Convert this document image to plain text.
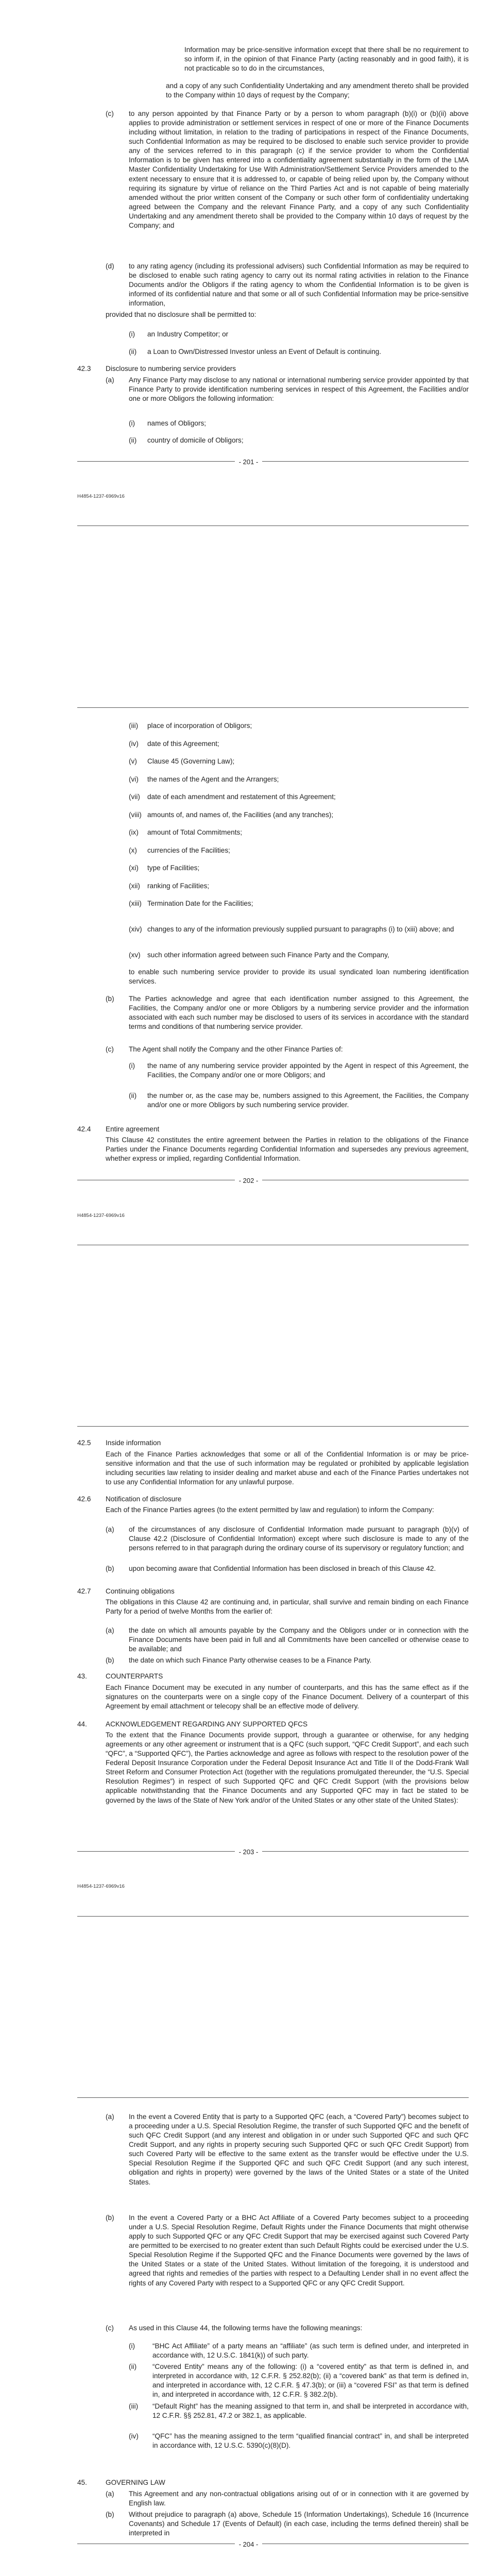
Information may be price-sensitive information except that there shall be no requirement to so inform if, in the opinion of that Finance Party (acting reasonably and in good faith), it is not practicable so to do in the circumstances,
and a copy of any such Confidentiality Undertaking and any amendment thereto shall be provided to the Company within 10 days of request by the Company;
(c) to any person appointed by that Finance Party or by a person to whom paragraph (b)(i) or (b)(ii) above applies to provide administration or settlement services in respect of one or more of the Finance Documents including without limitation, in relation to the trading of participations in respect of the Finance Documents, such Confidential Information as may be required to be disclosed to enable such service provider to provide any of the services referred to in this paragraph (c) if the service provider to whom the Confidential Information is to be given has entered into a confidentiality agreement substantially in the form of the LMA Master Confidentiality Undertaking for Use With Administration/Settlement Service Providers amended to the extent necessary to ensure that it is addressed to, or capable of being relied upon by, the Company without requiring its signature by virtue of reliance on the Third Parties Act and is not capable of being materially amended without the prior written consent of the Company or such other form of confidentiality undertaking agreed between the Company and the relevant Finance Party, and a copy of any such Confidentiality Undertaking and any amendment thereto shall be provided to the Company within 10 days of request by the Company; and
(d) to any rating agency (including its professional advisers) such Confidential Information as may be required to be disclosed to enable such rating agency to carry out its normal rating activities in relation to the Finance Documents and/or the Obligors if the rating agency to whom the Confidential Information is to be given is informed of its confidential nature and that some or all of such Confidential Information may be price-sensitive information,
provided that no disclosure shall be permitted to:
(i) an Industry Competitor; or
(ii) a Loan to Own/Distressed Investor unless an Event of Default is continuing.
42.3 Disclosure to numbering service providers
(a) Any Finance Party may disclose to any national or international numbering service provider appointed by that Finance Party to provide identification numbering services in respect of this Agreement, the Facilities and/or one or more Obligors the following information:
(i) names of Obligors;
(ii) country of domicile of Obligors;
- 201 -
H4854-1237-6969v16
(iii) place of incorporation of Obligors;
(iv) date of this Agreement;
(v) Clause 45 (Governing Law);
(vi) the names of the Agent and the Arrangers;
(vii) date of each amendment and restatement of this Agreement;
(viii) amounts of, and names of, the Facilities (and any tranches);
(ix) amount of Total Commitments;
(x) currencies of the Facilities;
(xi) type of Facilities;
(xii) ranking of Facilities;
(xiii) Termination Date for the Facilities;
(xiv) changes to any of the information previously supplied pursuant to paragraphs (i) to (xiii) above; and
(xv) such other information agreed between such Finance Party and the Company,
to enable such numbering service provider to provide its usual syndicated loan numbering identification services.
(b) The Parties acknowledge and agree that each identification number assigned to this Agreement, the Facilities, the Company and/or one or more Obligors by a numbering service provider and the information associated with each such number may be disclosed to users of its services in accordance with the standard terms and conditions of that numbering service provider.
(c) The Agent shall notify the Company and the other Finance Parties of:
(i) the name of any numbering service provider appointed by the Agent in respect of this Agreement, the Facilities, the Company and/or one or more Obligors; and
(ii) the number or, as the case may be, numbers assigned to this Agreement, the Facilities, the Company and/or one or more Obligors by such numbering service provider.
42.4 Entire agreement
This Clause 42 constitutes the entire agreement between the Parties in relation to the obligations of the Finance Parties under the Finance Documents regarding Confidential Information and supersedes any previous agreement, whether express or implied, regarding Confidential Information.
- 202 -
H4854-1237-6969v16
42.5 Inside information
Each of the Finance Parties acknowledges that some or all of the Confidential Information is or may be price-sensitive information and that the use of such information may be regulated or prohibited by applicable legislation including securities law relating to insider dealing and market abuse and each of the Finance Parties undertakes not to use any Confidential Information for any unlawful purpose.
42.6 Notification of disclosure
Each of the Finance Parties agrees (to the extent permitted by law and regulation) to inform the Company:
(a) of the circumstances of any disclosure of Confidential Information made pursuant to paragraph (b)(v) of Clause 42.2 (Disclosure of Confidential Information) except where such disclosure is made to any of the persons referred to in that paragraph during the ordinary course of its supervisory or regulatory function; and
(b) upon becoming aware that Confidential Information has been disclosed in breach of this Clause 42.
42.7 Continuing obligations
The obligations in this Clause 42 are continuing and, in particular, shall survive and remain binding on each Finance Party for a period of twelve Months from the earlier of:
(a) the date on which all amounts payable by the Company and the Obligors under or in connection with the Finance Documents have been paid in full and all Commitments have been cancelled or otherwise cease to be available; and
(b) the date on which such Finance Party otherwise ceases to be a Finance Party.
43.	COUNTERPARTS
Each Finance Document may be executed in any number of counterparts, and this has the same effect as if the signatures on the counterparts were on a single copy of the Finance Document. Delivery of a counterpart of this Agreement by email attachment or telecopy shall be an effective mode of delivery.
44.	ACKNOWLEDGEMENT REGARDING ANY SUPPORTED QFCS
To the extent that the Finance Documents provide support, through a guarantee or otherwise, for any hedging agreements or any other agreement or instrument that is a QFC (such support, “QFC Credit Support”, and each such “QFC”, a “Supported QFC”), the Parties acknowledge and agree as follows with respect to the resolution power of the Federal Deposit Insurance Corporation under the Federal Deposit Insurance Act and Title II of the Dodd-Frank Wall Street Reform and Consumer Protection Act (together with the regulations promulgated thereunder, the “U.S. Special Resolution Regimes”) in respect of such Supported QFC and QFC Credit Support (with the provisions below applicable notwithstanding that the Finance Documents and any Supported QFC may in fact be stated to be governed by the laws of the State of New York and/or of the United States or any other state of the United States):
- 203 -
H4854-1237-6969v16
(a) In the event a Covered Entity that is party to a Supported QFC (each, a “Covered Party”) becomes subject to a proceeding under a U.S. Special Resolution Regime, the transfer of such Supported QFC and the benefit of such QFC Credit Support (and any interest and obligation in or under such Supported QFC and such QFC Credit Support, and any rights in property securing such Supported QFC or such QFC Credit Support) from such Covered Party will be effective to the same extent as the transfer would be effective under the U.S. Special Resolution Regime if the Supported QFC and such QFC Credit Support (and any such interest, obligation and rights in property) were governed by the laws of the United States or a state of the United States.
(b) In the event a Covered Party or a BHC Act Affiliate of a Covered Party becomes subject to a proceeding under a U.S. Special Resolution Regime, Default Rights under the Finance Documents that might otherwise apply to such Supported QFC or any QFC Credit Support that may be exercised against such Covered Party are permitted to be exercised to no greater extent than such Default Rights could be exercised under the U.S. Special Resolution Regime if the Supported QFC and the Finance Documents were governed by the laws of the United States or a state of the United States. Without limitation of the foregoing, it is understood and agreed that rights and remedies of the parties with respect to a Defaulting Lender shall in no event affect the rights of any Covered Party with respect to a Supported QFC or any QFC Credit Support.
(c) As used in this Clause 44, the following terms have the following meanings:
(i) “BHC Act Affiliate” of a party means an “affiliate” (as such term is defined under, and interpreted in accordance with, 12 U.S.C. 1841(k)) of such party.
(ii) “Covered Entity” means any of the following: (i) a “covered entity” as that term is defined in, and interpreted in accordance with, 12 C.F.R. § 252.82(b); (ii) a “covered bank” as that term is defined in, and interpreted in accordance with, 12 C.F.R. § 47.3(b); or (iii) a “covered FSI” as that term is defined in, and interpreted in accordance with, 12 C.F.R. § 382.2(b).
(iii) “Default Right” has the meaning assigned to that term in, and shall be interpreted in accordance with, 12 C.F.R. §§ 252.81, 47.2 or 382.1, as applicable.
(iv) “QFC” has the meaning assigned to the term “qualified financial contract” in, and shall be interpreted in accordance with, 12 U.S.C. 5390(c)(8)(D).
45.	GOVERNING LAW
(a) This Agreement and any non-contractual obligations arising out of or in connection with it are governed by English law.
(b) Without prejudice to paragraph (a) above, Schedule 15 (Information Undertakings), Schedule 16 (Incurrence Covenants) and Schedule 17 (Events of Default) (in each case, including the terms defined therein) shall be interpreted in
- 204 -
